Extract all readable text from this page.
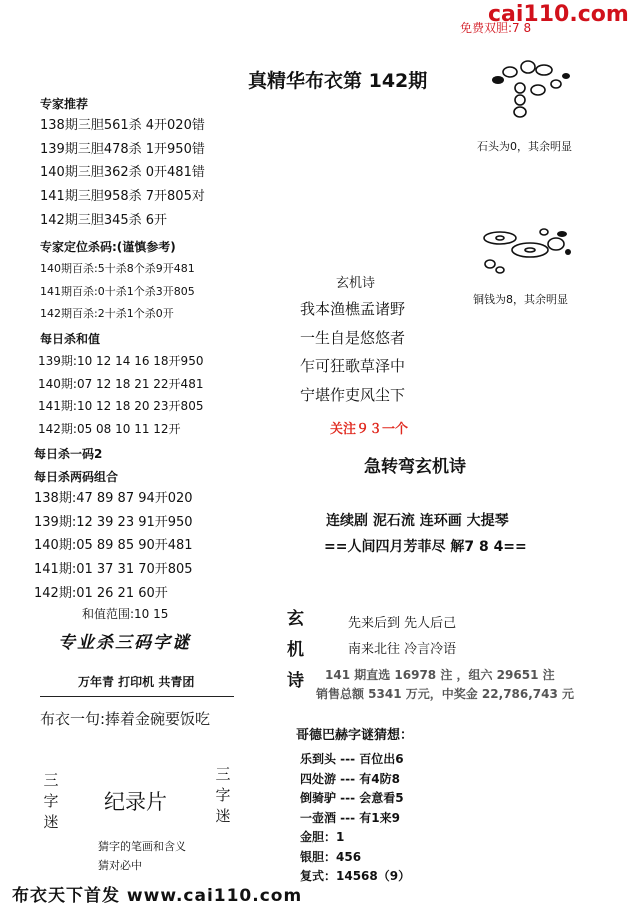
cai110.com
免费双胆:7 8
真精华布衣第 142期
专家推荐
138期三胆561杀 4开020错
139期三胆478杀 1开950错
140期三胆362杀 0开481错
141期三胆958杀 7开805对
142期三胆345杀 6开
专家定位杀码:(谨慎参考)
140期百杀:5十杀8个杀9开481
141期百杀:0十杀1个杀3开805
142期百杀:2十杀1个杀0开
每日杀和值
139期:10 12 14 16 18开950
140期:07 12 18 21 22开481
141期:10 12 18 20 23开805
142期:05 08 10 11 12开
每日杀一码2
每日杀两码组合
138期:47 89 87 94开020
139期:12 39 23 91开950
140期:05 89 85 90开481
141期:01 37 31 70开805
142期:01 26 21 60开
和值范围:10 15
专业杀三码字谜
万年青 打印机 共青团
布衣一句:捧着金碗要饭吃
三字迷
纪录片
三字迷
猜字的笔画和含义
猜对必中
石头为0，其余明显
铜钱为8，其余明显
玄机诗
我本渔樵孟诸野
一生自是悠悠者
乍可狂歌草泽中
宁堪作吏风尘下
关注９３一个
急转弯玄机诗
连续剧 泥石流 连环画 大提琴
==人间四月芳菲尽 解7 8 4==
玄机诗
先来后到 先人后己
南来北往 冷言冷语
141 期直选 16978 注 ，组六 29651 注
销售总额 5341 万元，中奖金 22,786,743 元
哥德巴赫字谜猜想：
乐到头 --- 百位出6
四处游 --- 有4防8
倒骑驴 --- 会意看5
一壶酒 --- 有1来9
金胆：1
银胆：456
复式：14568（9）
布衣天下首发 www.cai110.com
